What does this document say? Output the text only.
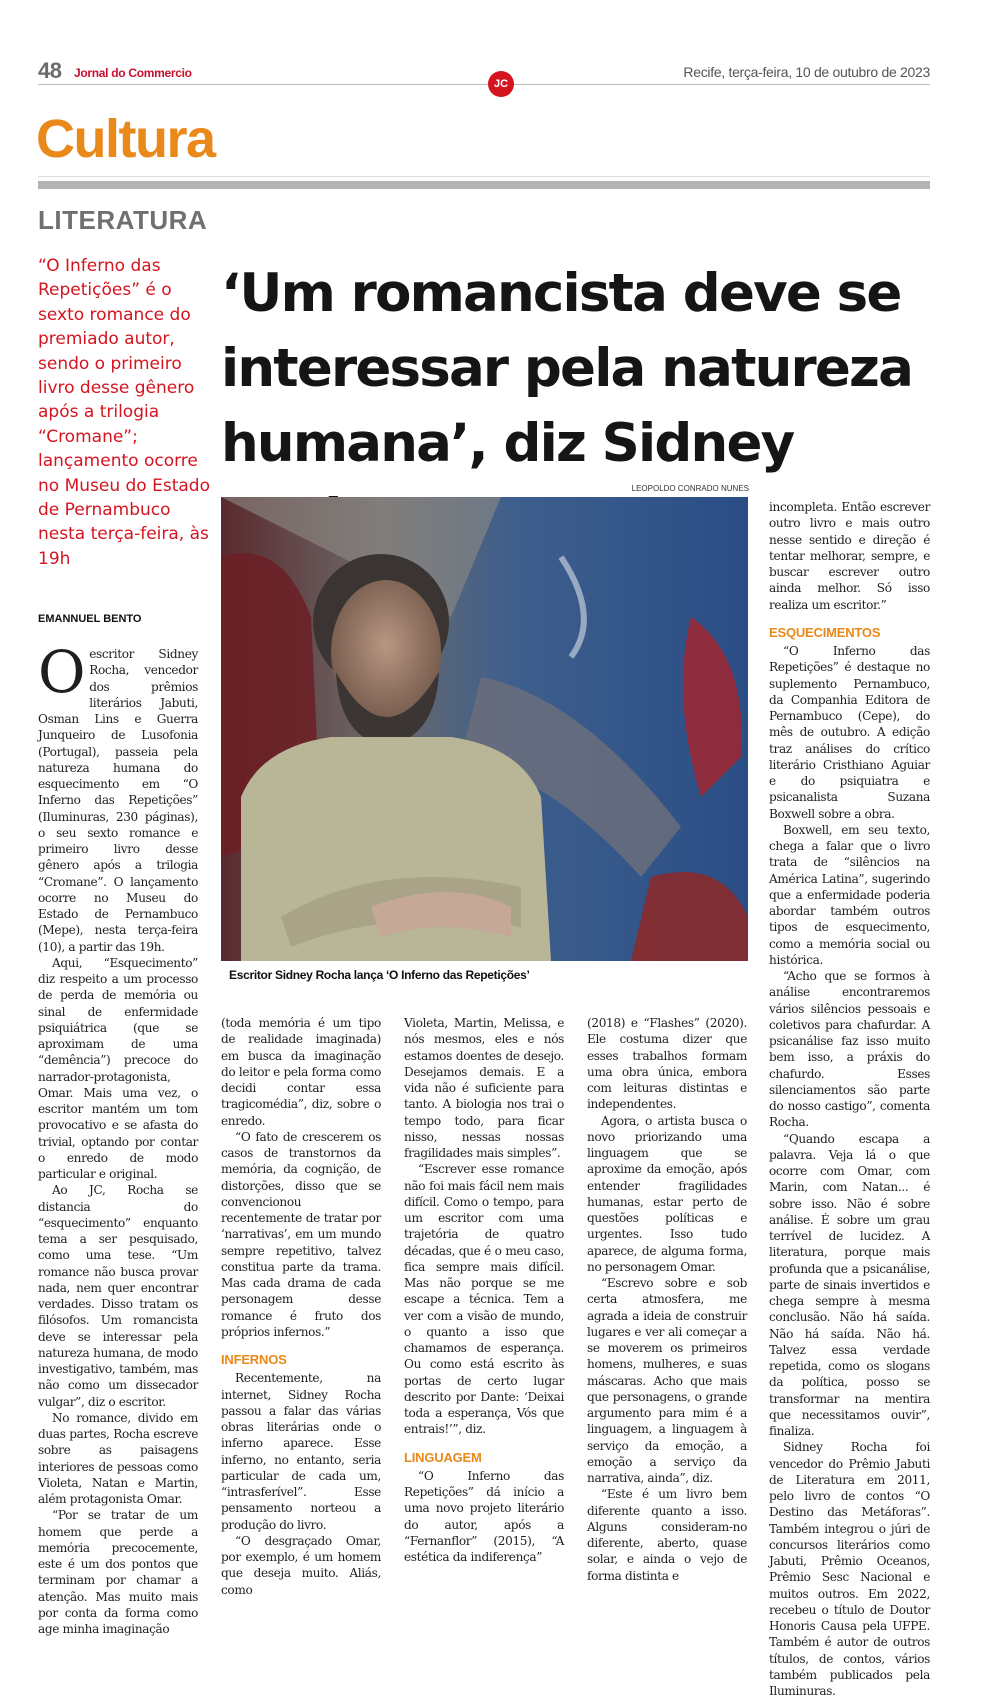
48 Jornal do Commercio	Recife, terça-feira, 10 de outubro de 2023
JC
Cultura
LITERATURA
“O Inferno das Repetições” é o sexto romance do premiado autor, sendo o primeiro livro desse gênero após a trilogia “Cromane”; lançamento ocorre no Museu do Estado de Pernambuco nesta terça-feira, às 19h
‘Um romancista deve se interessar pela natureza humana’, diz Sidney
LEOPOLDO CONRADO NUNES
Escritor Sidney Rocha lança ‘O Inferno das Repetições’
EMANNUEL BENTO

Oescritor Sidney Rocha, vencedor dos prêmios literários Jabuti, Osman Lins e Guerra Junqueiro de Lusofonia (Portugal), passeia pela natureza humana do esquecimento em “O Inferno das Repetições” (Iluminuras, 230 páginas), o seu sexto romance e primeiro livro desse gênero após a trilogia “Cromane”. O lançamento ocorre no Museu do Estado de Pernambuco (Mepe), nesta terça-feira (10), a partir das 19h.

Aqui, “Esquecimento” diz respeito a um processo de perda de memória ou sinal de enfermidade psiquiátrica (que se aproximam de uma “demência”) precoce do narrador-protagonista, Omar. Mais uma vez, o escritor mantém um tom provocativo e se afasta do trivial, optando por contar o enredo de modo particular e original.

Ao JC, Rocha se distancia do “esquecimento” enquanto tema a ser pesquisado, como uma tese. “Um romance não busca provar nada, nem quer encontrar verdades. Disso tratam os filósofos. Um romancista deve se interessar pela natureza humana, de modo investigativo, também, mas não como um dissecador vulgar”, diz o escritor.

No romance, divido em duas partes, Rocha escreve sobre as paisagens interiores de pessoas como Violeta, Natan e Martin, além protagonista Omar.

“Por se tratar de um homem que perde a memória precocemente, este é um dos pontos que terminam por chamar a atenção. Mas muito mais por conta da forma como age minha imaginação

(toda memória é um tipo de realidade imaginada) em busca da imaginação do leitor e pela forma como decidi contar essa tragicomédia”, diz, sobre o enredo.

“O fato de crescerem os casos de transtornos da memória, da cognição, de distorções, disso que se convencionou recentemente de tratar por ‘narrativas’, em um mundo sempre repetitivo, talvez constitua parte da trama. Mas cada drama de cada personagem desse romance é fruto dos próprios infernos.”

INFERNOS

Recentemente, na internet, Sidney Rocha passou a falar das várias obras literárias onde o inferno aparece. Esse inferno, no entanto, seria particular de cada um, “intrasferível”. Esse pensamento norteou a produção do livro.

“O desgraçado Omar, por exemplo, é um homem que deseja muito. Aliás, como

Violeta, Martin, Melissa, e nós mesmos, eles e nós estamos doentes de desejo. Desejamos demais. E a vida não é suficiente para tanto. A biologia nos trai o tempo todo, para ficar nisso, nessas nossas fragilidades mais simples”.

“Escrever esse romance não foi mais fácil nem mais difícil. Como o tempo, para um escritor com uma trajetória de quatro décadas, que é o meu caso, fica sempre mais difícil. Mas não porque se me escape a técnica. Tem a ver com a visão de mundo, o quanto a isso que chamamos de esperança. Ou como está escrito às portas de certo lugar descrito por Dante: ‘Deixai toda a esperança, Vós que entrais!’”, diz.

LINGUAGEM

“O Inferno das Repetições” dá início a uma novo projeto literário do autor, após a “Fernanflor” (2015), “A estética da indiferença”

(2018) e “Flashes” (2020). Ele costuma dizer que esses trabalhos formam uma obra única, embora com leituras distintas e independentes.

Agora, o artista busca o novo priorizando uma linguagem que se aproxime da emoção, após entender fragilidades humanas, estar perto de questões políticas e urgentes. Isso tudo aparece, de alguma forma, no personagem Omar.

“Escrevo sobre e sob certa atmosfera, me agrada a ideia de construir lugares e ver ali começar a se moverem os primeiros homens, mulheres, e suas máscaras. Acho que mais que personagens, o grande argumento para mim é a linguagem, a linguagem à serviço da emoção, a emoção a serviço da narrativa, ainda”, diz.

“Este é um livro bem diferente quanto a isso. Alguns consideram-no diferente, aberto, quase solar, e ainda o vejo de forma distinta e

incompleta. Então escrever outro livro e mais outro nesse sentido e direção é tentar melhorar, sempre, e buscar escrever outro ainda melhor. Só isso realiza um escritor.”

ESQUECIMENTOS

“O Inferno das Repetições” é destaque no suplemento Pernambuco, da Companhia Editora de Pernambuco (Cepe), do mês de outubro. A edição traz análises do crítico literário Cristhiano Aguiar e do psiquiatra e psicanalista Suzana Boxwell sobre a obra.

Boxwell, em seu texto, chega a falar que o livro trata de “silêncios na América Latina”, sugerindo que a enfermidade poderia abordar também outros tipos de esquecimento, como a memória social ou histórica.

“Acho que se formos à análise encontraremos vários silêncios pessoais e coletivos para chafurdar. A psicanálise faz isso muito bem isso, a práxis do chafurdo. Esses silenciamentos são parte do nosso castigo”, comenta Rocha.

“Quando escapa a palavra. Veja lá o que ocorre com Omar, com Marin, com Natan... é sobre isso. Não é sobre análise. É sobre um grau terrível de lucidez. A literatura, porque mais profunda que a psicanálise, parte de sinais invertidos e chega sempre à mesma conclusão. Não há saída. Não há saída. Não há. Talvez essa verdade repetida, como os slogans da política, posso se transformar na mentira que necessitamos ouvir”, finaliza.

Sidney Rocha foi vencedor do Prêmio Jabuti de Literatura em 2011, pelo livro de contos “O Destino das Metáforas”. Também integrou o júri de concursos literários como Jabuti, Prêmio Oceanos, Prêmio Sesc Nacional e muitos outros. Em 2022, recebeu o título de Doutor Honoris Causa pela UFPE. Também é autor de outros títulos, de contos, vários também publicados pela Iluminuras.
